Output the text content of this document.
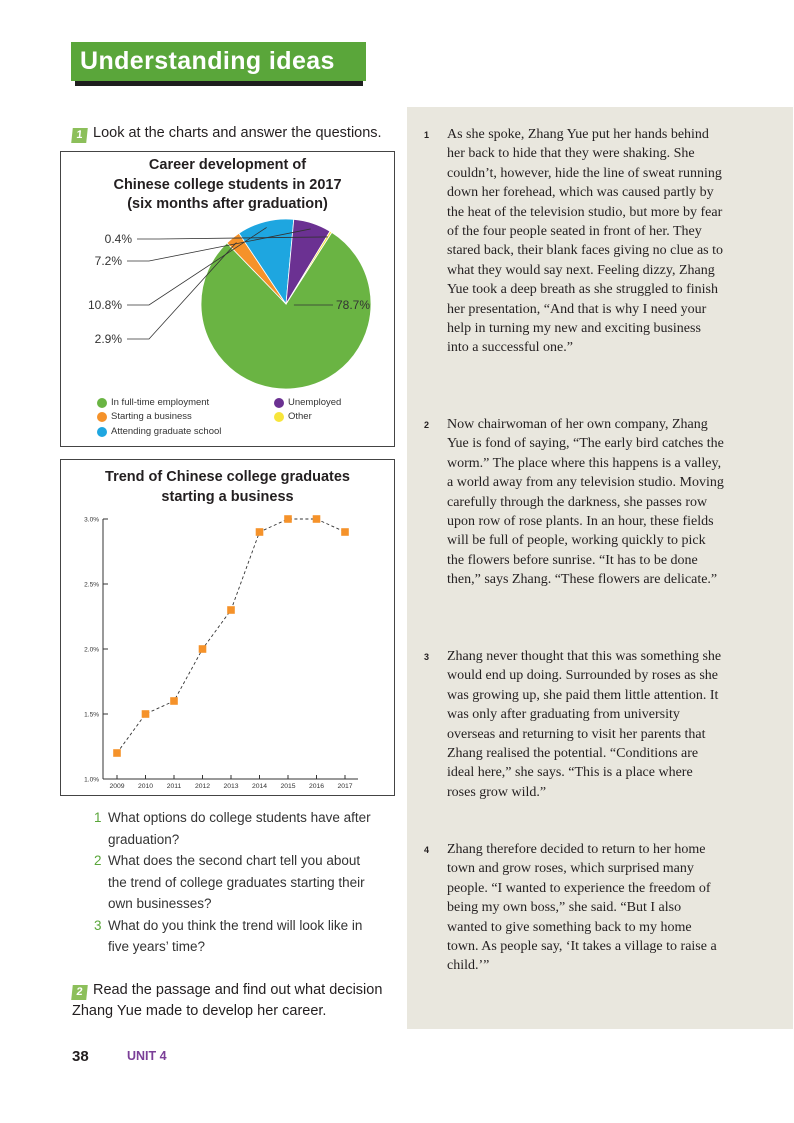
Understanding ideas
1 Look at the charts and answer the questions.
Career development of
Chinese college students in 2017
(six months after graduation)
78.7%
2.9%
10.8%
7.2%
0.4%
In full-time employment	Unemployed
Starting a business	Other
Attending graduate school
Trend of Chinese college graduates
starting a business
1.0%
1.5%
2.0%
2.5%
3.0%
2009 2010 2011 2012 2013 2014 2015 2016 2017
1 What options do college students have after graduation?
2 What does the second chart tell you about the trend of college graduates starting their own businesses?
3 What do you think the trend will look like in five years’ time?
2 Read the passage and find out what decision Zhang Yue made to develop her career.
1 As she spoke, Zhang Yue put her hands behind her back to hide that they were shaking. She couldn’t, however, hide the line of sweat running down her forehead, which was caused partly by the heat of the television studio, but more by fear of the four people seated in front of her. They stared back, their blank faces giving no clue as to what they would say next. Feeling dizzy, Zhang Yue took a deep breath as she struggled to finish her presentation, “And that is why I need your help in turning my new and exciting business into a successful one.”
2 Now chairwoman of her own company, Zhang Yue is fond of saying, “The early bird catches the worm.” The place where this happens is a valley, a world away from any television studio. Moving carefully through the darkness, she passes row upon row of rose plants. In an hour, these fields will be full of people, working quickly to pick the flowers before sunrise. “It has to be done then,” says Zhang. “These flowers are delicate.”
3 Zhang never thought that this was something she would end up doing. Surrounded by roses as she was growing up, she paid them little attention. It was only after graduating from university overseas and returning to visit her parents that Zhang realised the potential. “Conditions are ideal here,” she says. “This is a place where roses grow wild.”
4 Zhang therefore decided to return to her home town and grow roses, which surprised many people. “I wanted to experience the freedom of being my own boss,” she said. “But I also wanted to give something back to my home town. As people say, ‘It takes a village to raise a child.’”
38	UNIT 4
